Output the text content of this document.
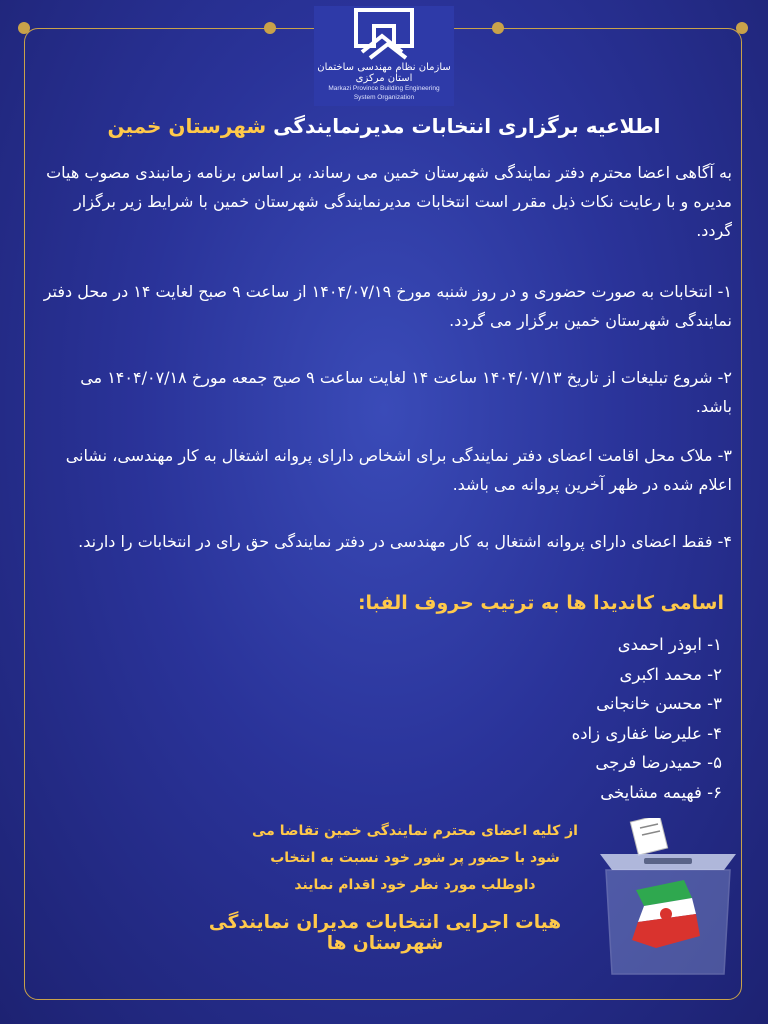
سازمان نظام مهندسی ساختمان استان مرکزی
Markazi Province Building Engineering
System Organization
اطلاعیه برگزاری انتخابات مدیرنمایندگی شهرستان خمین
به آگاهی اعضا محترم دفتر نمایندگی شهرستان خمین می رساند، بر اساس برنامه زمانبندی مصوب هیات مدیره و با رعایت نکات ذیل مقرر است انتخابات مدیرنمایندگی شهرستان خمین با شرایط زیر برگزار گردد.
۱- انتخابات به صورت حضوری و در روز شنبه مورخ ۱۴۰۴/۰۷/۱۹ از ساعت ۹ صبح لغایت ۱۴ در محل دفتر نمایندگی شهرستان خمین برگزار می گردد.
۲- شروع تبلیغات از تاریخ ۱۴۰۴/۰۷/۱۳ ساعت ۱۴ لغایت ساعت ۹ صبح جمعه مورخ ۱۴۰۴/۰۷/۱۸ می باشد.
۳- ملاک محل اقامت اعضای دفتر نمایندگی برای اشخاص دارای پروانه اشتغال به کار مهندسی، نشانی اعلام شده در ظهر آخرین پروانه می باشد.
۴- فقط اعضای دارای پروانه اشتغال به کار مهندسی در دفتر نمایندگی حق رای در انتخابات را دارند.
اسامی کاندیدا ها به ترتیب حروف الفبا:
۱- ابوذر احمدی
۲- محمد اکبری
۳- محسن خانجانی
۴- علیرضا غفاری زاده
۵- حمیدرضا فرجی
۶- فهیمه مشایخی
از کلیه اعضای محترم نمایندگی خمین تقاضا می شود با حضور پر شور خود نسبت به انتخاب داوطلب مورد نظر خود اقدام نمایند
هیات اجرایی انتخابات مدیران نمایندگی شهرستان ها
